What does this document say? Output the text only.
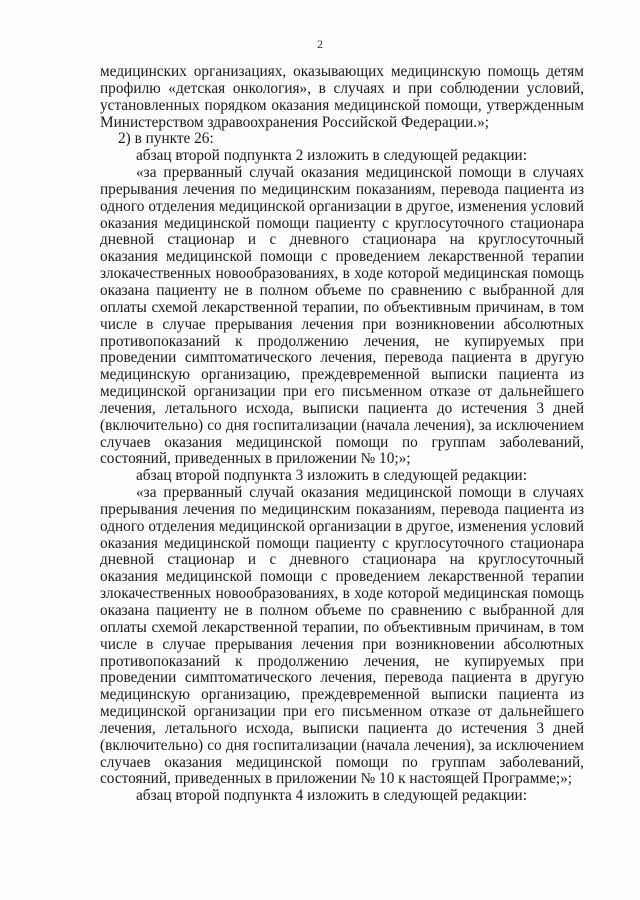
2
медицинских организациях, оказывающих медицинскую помощь детям
профилю «детская онкология», в случаях и при соблюдении условий,
установленных порядком оказания медицинской помощи, утвержденным
Министерством здравоохранения Российской Федерации.»;
2) в пункте 26:
абзац второй подпункта 2 изложить в следующей редакции:
«за прерванный случай оказания медицинской помощи в случаях
прерывания лечения по медицинским показаниям, перевода пациента из
одного отделения медицинской организации в другое, изменения условий
оказания медицинской помощи пациенту с круглосуточного стационара
дневной стационар и с дневного стационара на круглосуточный
оказания медицинской помощи с проведением лекарственной терапии
злокачественных новообразованиях, в ходе которой медицинская помощь
оказана пациенту не в полном объеме по сравнению с выбранной для
оплаты схемой лекарственной терапии, по объективным причинам, в том
числе в случае прерывания лечения при возникновении абсолютных
противопоказаний к продолжению лечения, не купируемых при
проведении симптоматического лечения, перевода пациента в другую
медицинскую организацию, преждевременной выписки пациента из
медицинской организации при его письменном отказе от дальнейшего
лечения, летального исхода, выписки пациента до истечения 3 дней
(включительно) со дня госпитализации (начала лечения), за исключением
случаев оказания медицинской помощи по группам заболеваний,
состояний, приведенных в приложении № 10;»;
абзац второй подпункта 3 изложить в следующей редакции:
«за прерванный случай оказания медицинской помощи в случаях
прерывания лечения по медицинским показаниям, перевода пациента из
одного отделения медицинской организации в другое, изменения условий
оказания медицинской помощи пациенту с круглосуточного стационара
дневной стационар и с дневного стационара на круглосуточный
оказания медицинской помощи с проведением лекарственной терапии
злокачественных новообразованиях, в ходе которой медицинская помощь
оказана пациенту не в полном объеме по сравнению с выбранной для
оплаты схемой лекарственной терапии, по объективным причинам, в том
числе в случае прерывания лечения при возникновении абсолютных
противопоказаний к продолжению лечения, не купируемых при
проведении симптоматического лечения, перевода пациента в другую
медицинскую организацию, преждевременной выписки пациента из
медицинской организации при его письменном отказе от дальнейшего
лечения, летального исхода, выписки пациента до истечения 3 дней
(включительно) со дня госпитализации (начала лечения), за исключением
случаев оказания медицинской помощи по группам заболеваний,
состояний, приведенных в приложении № 10 к настоящей Программе;»;
абзац второй подпункта 4 изложить в следующей редакции:
